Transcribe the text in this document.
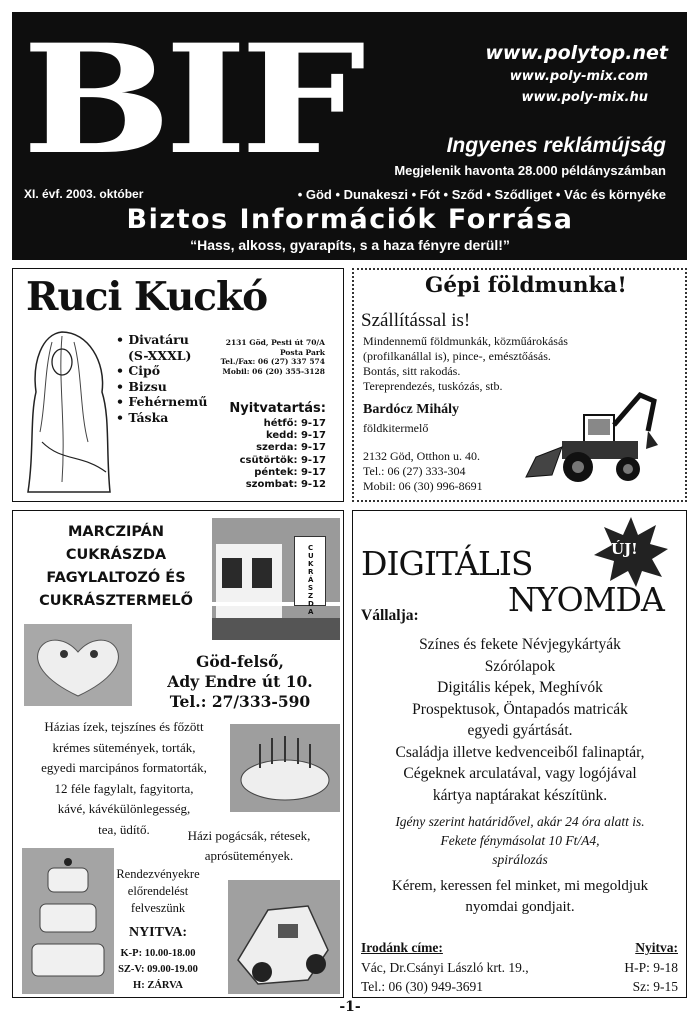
BIF	www.polytop.net
www.poly-mix.com
www.poly-mix.hu
Ingyenes reklámújság
Megjelenik havonta 28.000 példányszámban
XI. évf. 2003. október	• Göd • Dunakeszi • Fót • Sződ • Sződliget • Vác és környéke
Biztos Információk Forrása
“Hass, alkoss, gyarapíts, s a haza fényre derül!”
Ruci Kuckó
• Divatáru
(S-XXXL)
• Cipő
• Bizsu
• Fehérnemű
• Táska
2131 Göd, Pesti út 70/A
Posta Park
Tel./Fax: 06 (27) 337 574
Mobil: 06 (20) 355-3128
Nyitvatartás:
hétfő: 9-17
kedd: 9-17
szerda: 9-17
csütörtök: 9-17
péntek: 9-17
szombat: 9-12
Gépi földmunka!
Szállítással is!
Mindennemű földmunkák, közműárokásás
(profilkanállal is), pince-, emésztőásás.
Bontás, sitt rakodás.
Tereprendezés, tuskózás, stb.
Bardócz Mihály
földkitermelő
2132 Göd, Otthon u. 40.
Tel.: 06 (27) 333-304
Mobil: 06 (30) 996-8691
MARCZIPÁN
CUKRÁSZDA
FAGYLALTOZÓ ÉS
CUKRÁSZTERMELŐ
CUKRÁSZDA
Göd-felső,
Ady Endre út 10.
Tel.: 27/333-590
Házias ízek, tejszínes és főzött
krémes sütemények, torták,
egyedi marcipános formatorták,
12 féle fagylalt, fagyitorta,
kávé, kávékülönlegesség,
tea, üdítő.	Házi pogácsák, rétesek,
aprósütemények.
Rendezvényekre
előrendelést
felveszünk
NYITVA:
K-P: 10.00-18.00
SZ-V: 09.00-19.00
H: ZÁRVA
DIGITÁLIS
NYOMDA
ÚJ!
Vállalja:
Színes és fekete Névjegykártyák
Szórólapok
Digitális képek, Meghívók
Prospektusok, Öntapadós matricák
egyedi gyártását.
Családja illetve kedvenceiből falinaptár,
Cégeknek arculatával, vagy logójával
kártya naptárakat készítünk.
Igény szerint határidővel, akár 24 óra alatt is.
Fekete fénymásolat 10 Ft/A4,
spirálozás
Kérem, keressen fel minket, mi megoldjuk
nyomdai gondjait.
Irodánk címe:
Vác, Dr.Csányi László krt. 19.,
Tel.: 06 (30) 949-3691
Nyitva:
H-P: 9-18
Sz: 9-15
-1-
